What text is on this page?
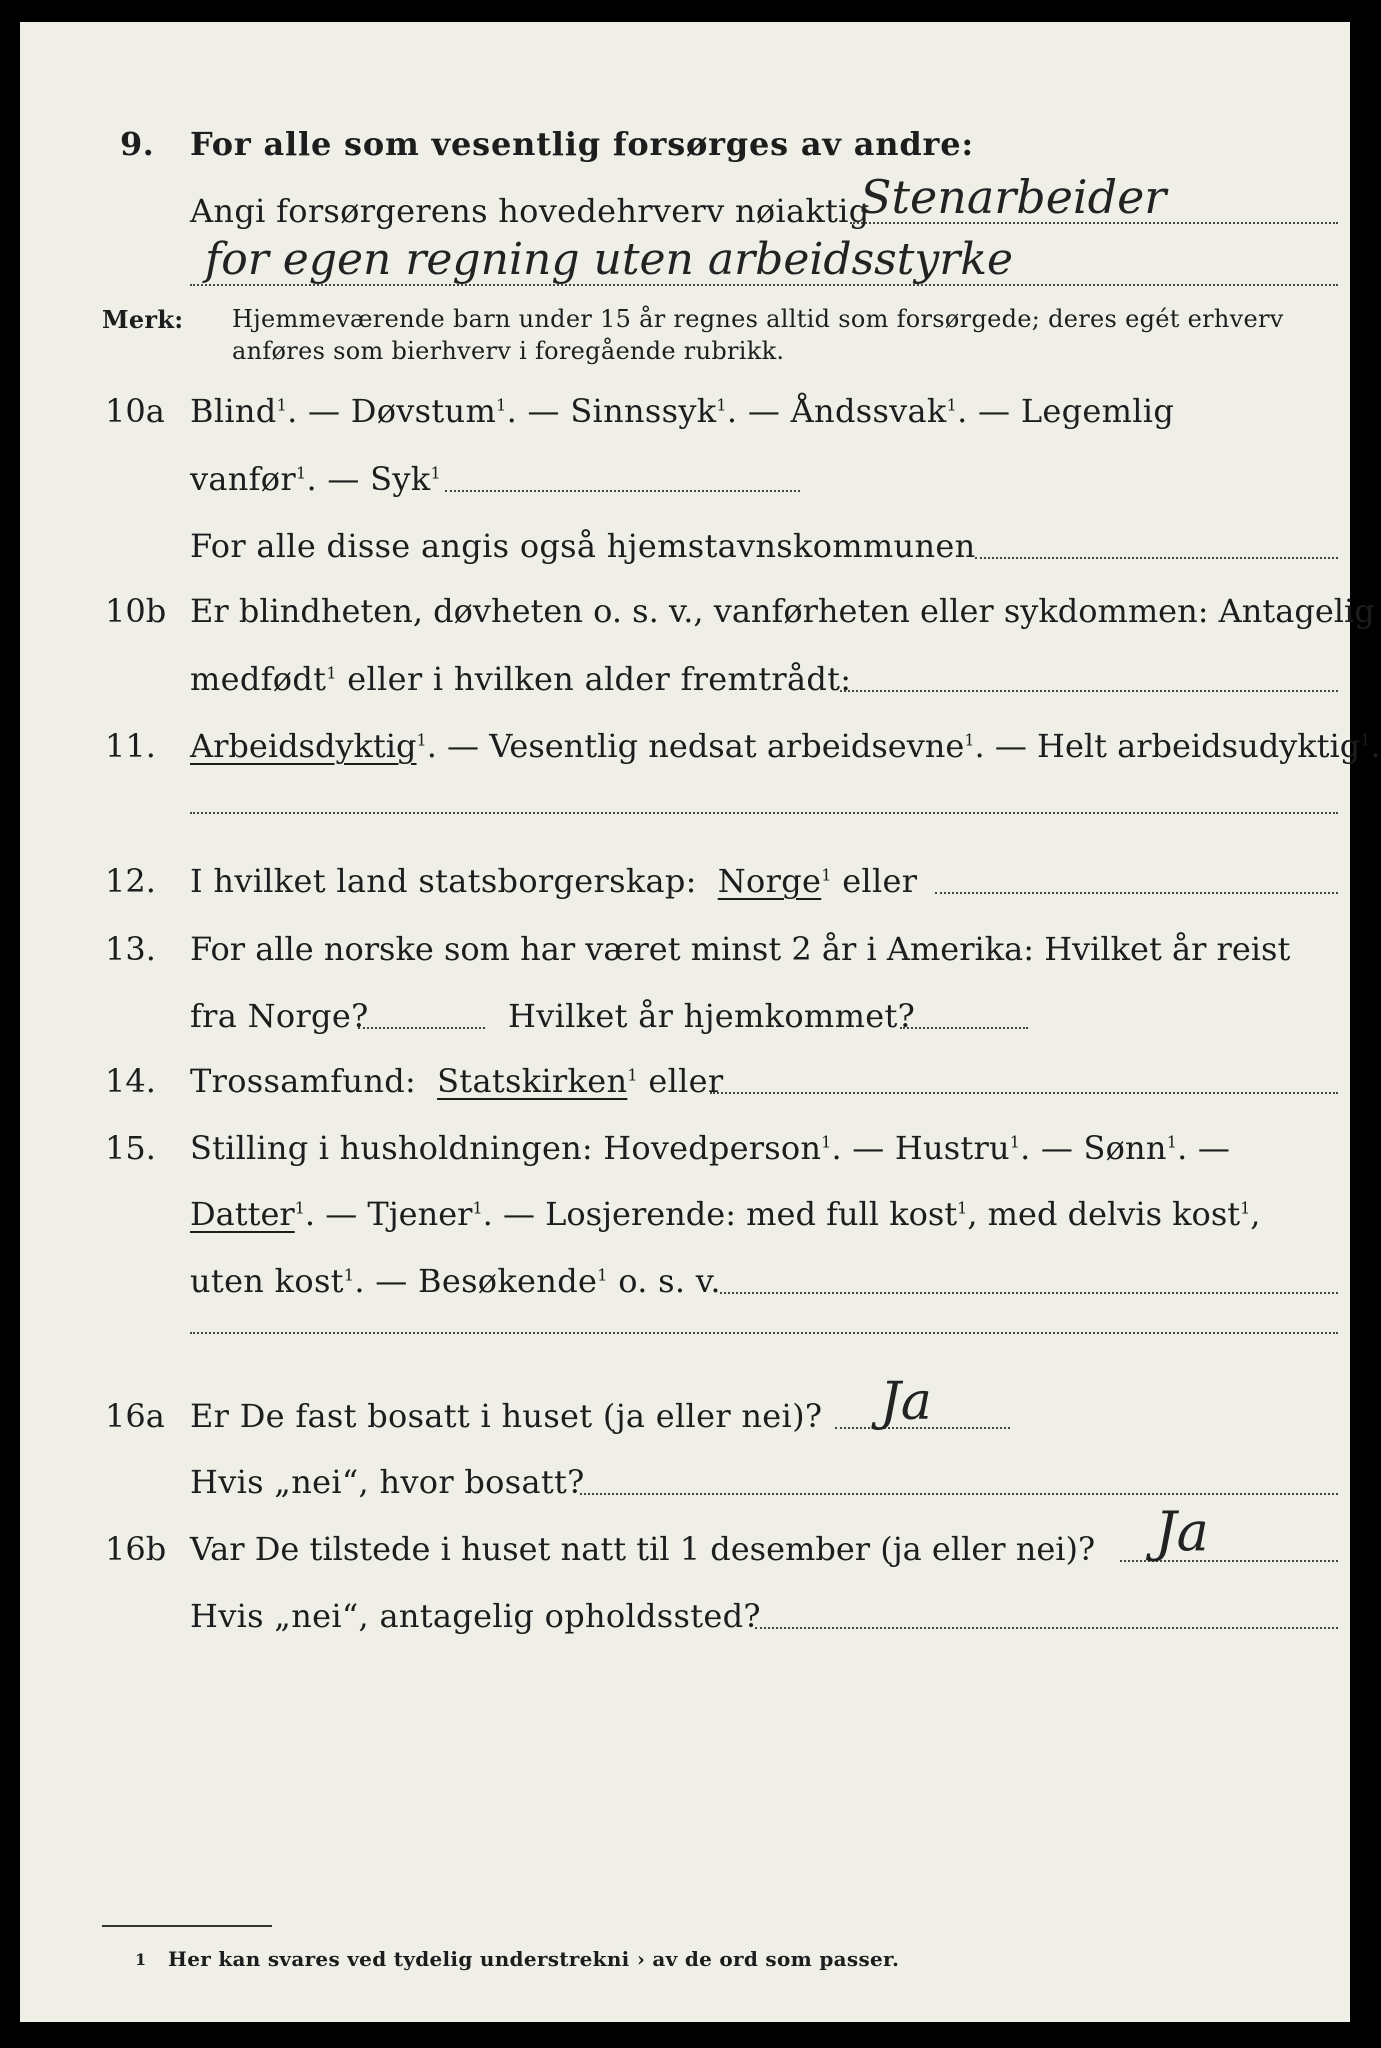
9. For alle som vesentlig forsørges av andre:
Angi forsørgerens hovedehrverv nøiaktig
Stenarbeider
for egen regning uten arbeidsstyrke
Merk: Hjemmeværende barn under 15 år regnes alltid som forsørgede; deres egét erhverv
anføres som bierhverv i foregående rubrikk.
10a Blind$^1$. — Døvstum$^1$. — Sinnssyk$^1$. — Åndssvak$^1$. — Legemlig
vanfør$^1$. — Syk$^1$
For alle disse angis også hjemstavnskommunen
10b Er blindheten, døvheten o. s. v., vanførheten eller sykdommen: Antagelig
medfødt$^1$ eller i hvilken alder fremtrådt:
11. Arbeidsdyktig$^1$. — Vesentlig nedsat arbeidsevne$^1$. — Helt arbeidsudyktig$^1$.
12. I hvilket land statsborgerskap: Norge$^1$ eller
13. For alle norske som har været minst 2 år i Amerika: Hvilket år reist
fra Norge?	Hvilket år hjemkommet?
14. Trossamfund: Statskirken$^1$ eller
15. Stilling i husholdningen: Hovedperson$^1$. — Hustru$^1$. — Sønn$^1$. —
Datter$^1$. — Tjener$^1$. — Losjerende: med full kost$^1$, med delvis kost$^1$,
uten kost$^1$. — Besøkende$^1$ o. s. v.
16a Er De fast bosatt i huset (ja eller nei)? Ja
Hvis „nei“, hvor bosatt?
16b Var De tilstede i huset natt til 1 desember (ja eller nei)? Ja
Hvis „nei“, antagelig opholdssted?
1 Her kan svares ved tydelig understrekni › av de ord som passer.
